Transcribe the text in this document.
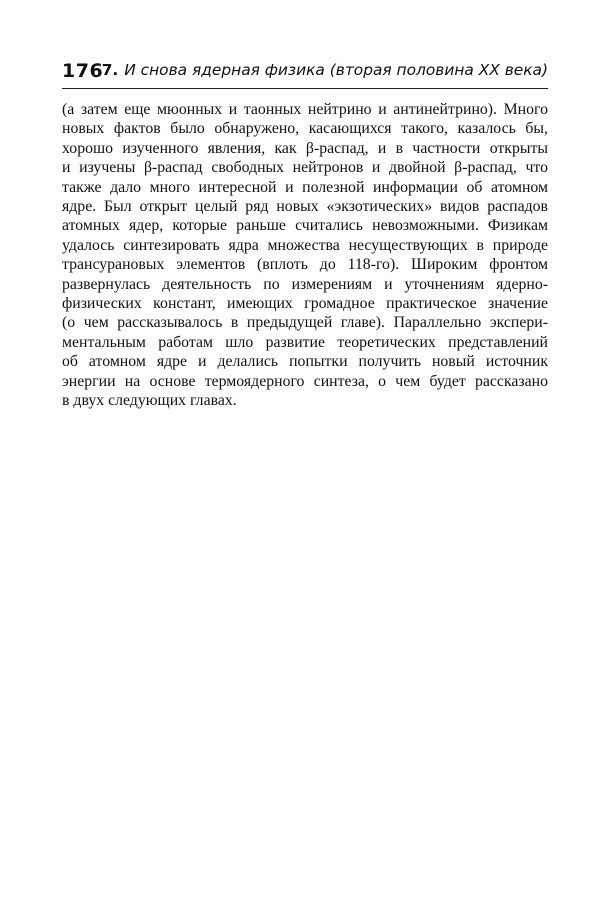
176
7. И снова ядерная физика (вторая половина XX века)
(а затем еще мюонных и таонных нейтрино и антинейтрино). Много
новых фактов было обнаружено, касающихся такого, казалось бы,
хорошо изученного явления, как β-распад, и в частности открыты
и изучены β-распад свободных нейтронов и двойной β-распад, что
также дало много интересной и полезной информации об атомном
ядре. Был открыт целый ряд новых «экзотических» видов распадов
атомных ядер, которые раньше считались невозможными. Физикам
удалось синтезировать ядра множества несуществующих в природе
трансурановых элементов (вплоть до 118-го). Широким фронтом
развернулась деятельность по измерениям и уточнениям ядерно-
физических констант, имеющих громадное практическое значение
(о чем рассказывалось в предыдущей главе). Параллельно экспери-
ментальным работам шло развитие теоретических представлений
об атомном ядре и делались попытки получить новый источник
энергии на основе термоядерного синтеза, о чем будет рассказано
в двух следующих главах.
